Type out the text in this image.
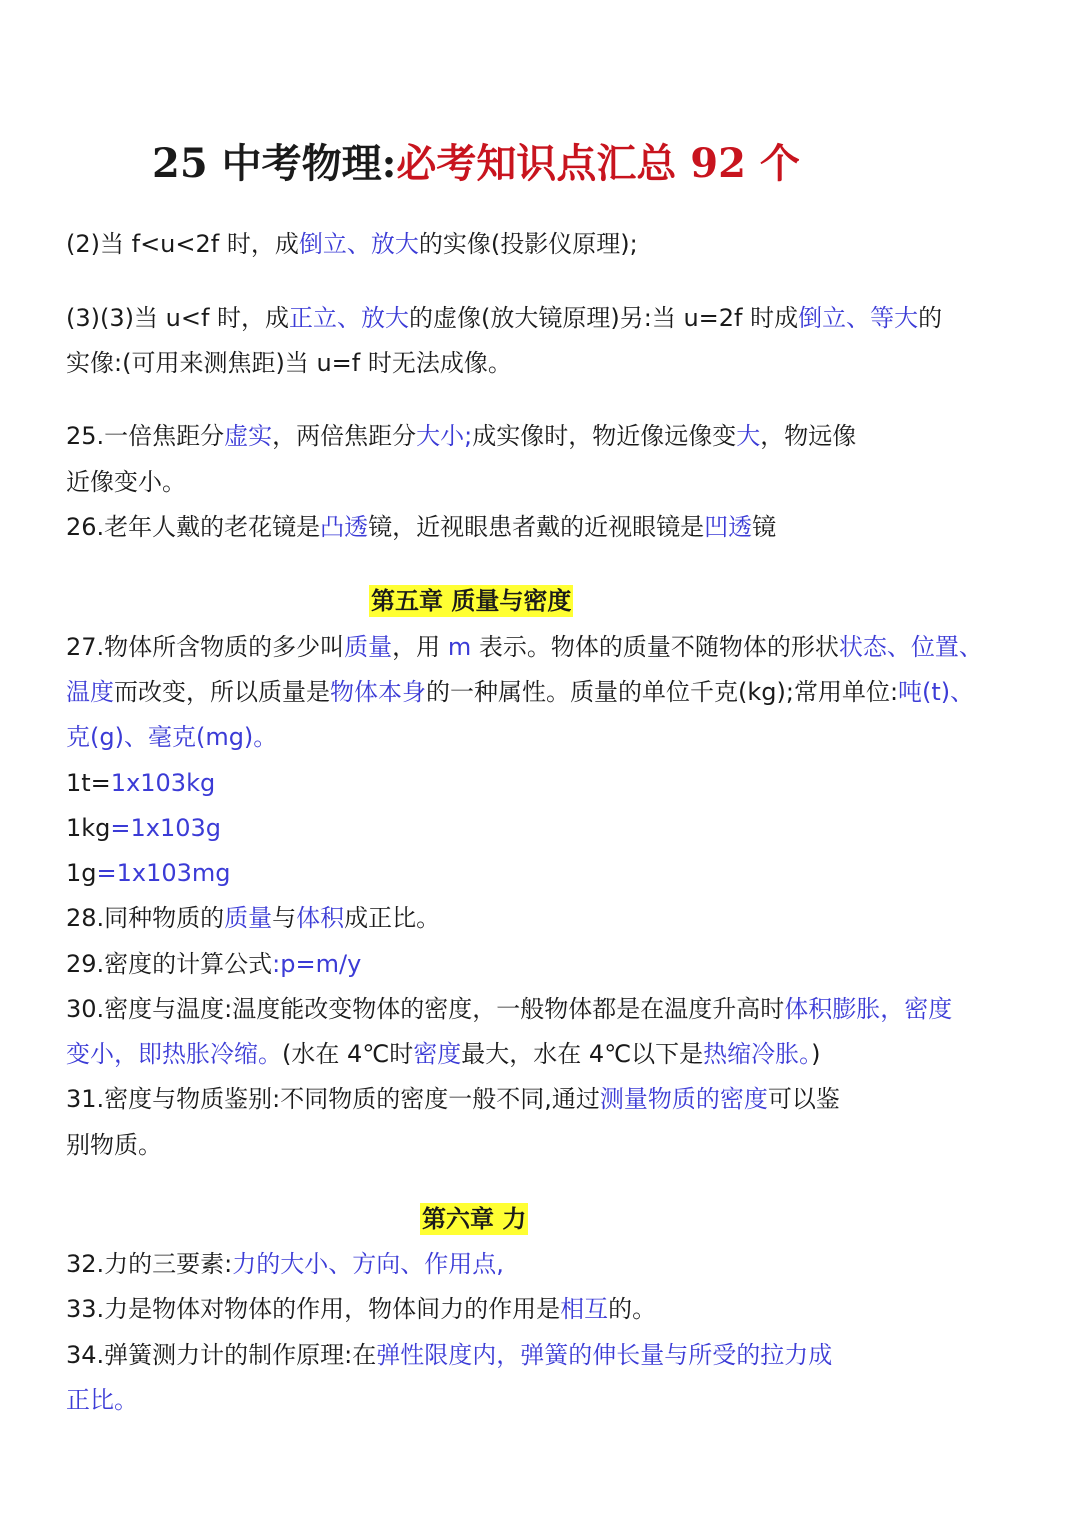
25 中考物理:必考知识点汇总 92 个
(2)当 f<u<2f 时，成倒立、放大的实像(投影仪原理);
(3)(3)当 u<f 时，成正立、放大的虚像(放大镜原理)另:当 u=2f 时成倒立、等大的
实像:(可用来测焦距)当 u=f 时无法成像。
25.一倍焦距分虚实，两倍焦距分大小;成实像时，物近像远像变大，物远像
近像变小。
26.老年人戴的老花镜是凸透镜，近视眼患者戴的近视眼镜是凹透镜
第五章 质量与密度
27.物体所含物质的多少叫质量，用 m 表示。物体的质量不随物体的形状状态、位置、
温度而改变，所以质量是物体本身的一种属性。质量的单位千克(kg);常用单位:吨(t)、
克(g)、毫克(mg)。
1t=1x103kg
1kg=1x103g
1g=1x103mg
28.同种物质的质量与体积成正比。
29.密度的计算公式:p=m/y
30.密度与温度:温度能改变物体的密度，一般物体都是在温度升高时体积膨胀，密度
变小，即热胀冷缩。(水在 4℃时密度最大，水在 4℃以下是热缩冷胀。)
31.密度与物质鉴别:不同物质的密度一般不同,通过测量物质的密度可以鉴
别物质。
第六章 力
32.力的三要素:力的大小、方向、作用点,
33.力是物体对物体的作用，物体间力的作用是相互的。
34.弹簧测力计的制作原理:在弹性限度内，弹簧的伸长量与所受的拉力成
正比。
